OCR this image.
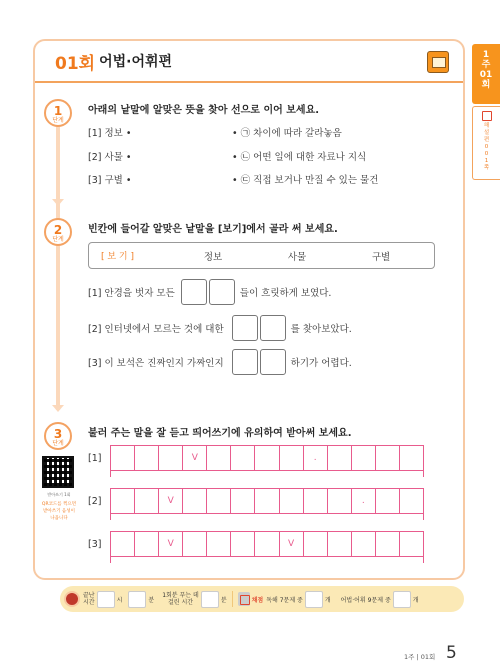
1
주
01
회
해
설
편
0
0
1
쪽
01회 어법·어휘편
1
단계
아래의 낱말에 알맞은 뜻을 찾아 선으로 이어 보세요.
[1] 정보 •
[2] 사물 •
[3] 구별 •
• ㉠ 차이에 따라 갈라놓음
• ㉡ 어떤 일에 대한 자료나 지식
• ㉢ 직접 보거나 만질 수 있는 물건
2
단계
빈칸에 들어갈 알맞은 낱말을 [보기]에서 골라 써 보세요.
[ 보 기 ]	정보	사물	구별
[1] 안경을 벗자 모든	들이 흐릿하게 보였다.
[2] 인터넷에서 모르는 것에 대한	를 찾아보았다.
[3] 이 보석은 진짜인지 가짜인지	하기가 어렵다.
3
단계
불러 주는 말을 잘 듣고 띄어쓰기에 유의하여 받아써 보세요.
받아쓰기 1회
QR코드를 찍으면
받아쓰기 음성이
나옵니다
[1]	V	.
[2]	V	.
[3]	V	V
끝난
시간	시	분
1회분 푸는 데
걸린 시간	분	채점 독해 7문제 중	개 어법·어휘 9문제 중	개
1주 | 01회 5
